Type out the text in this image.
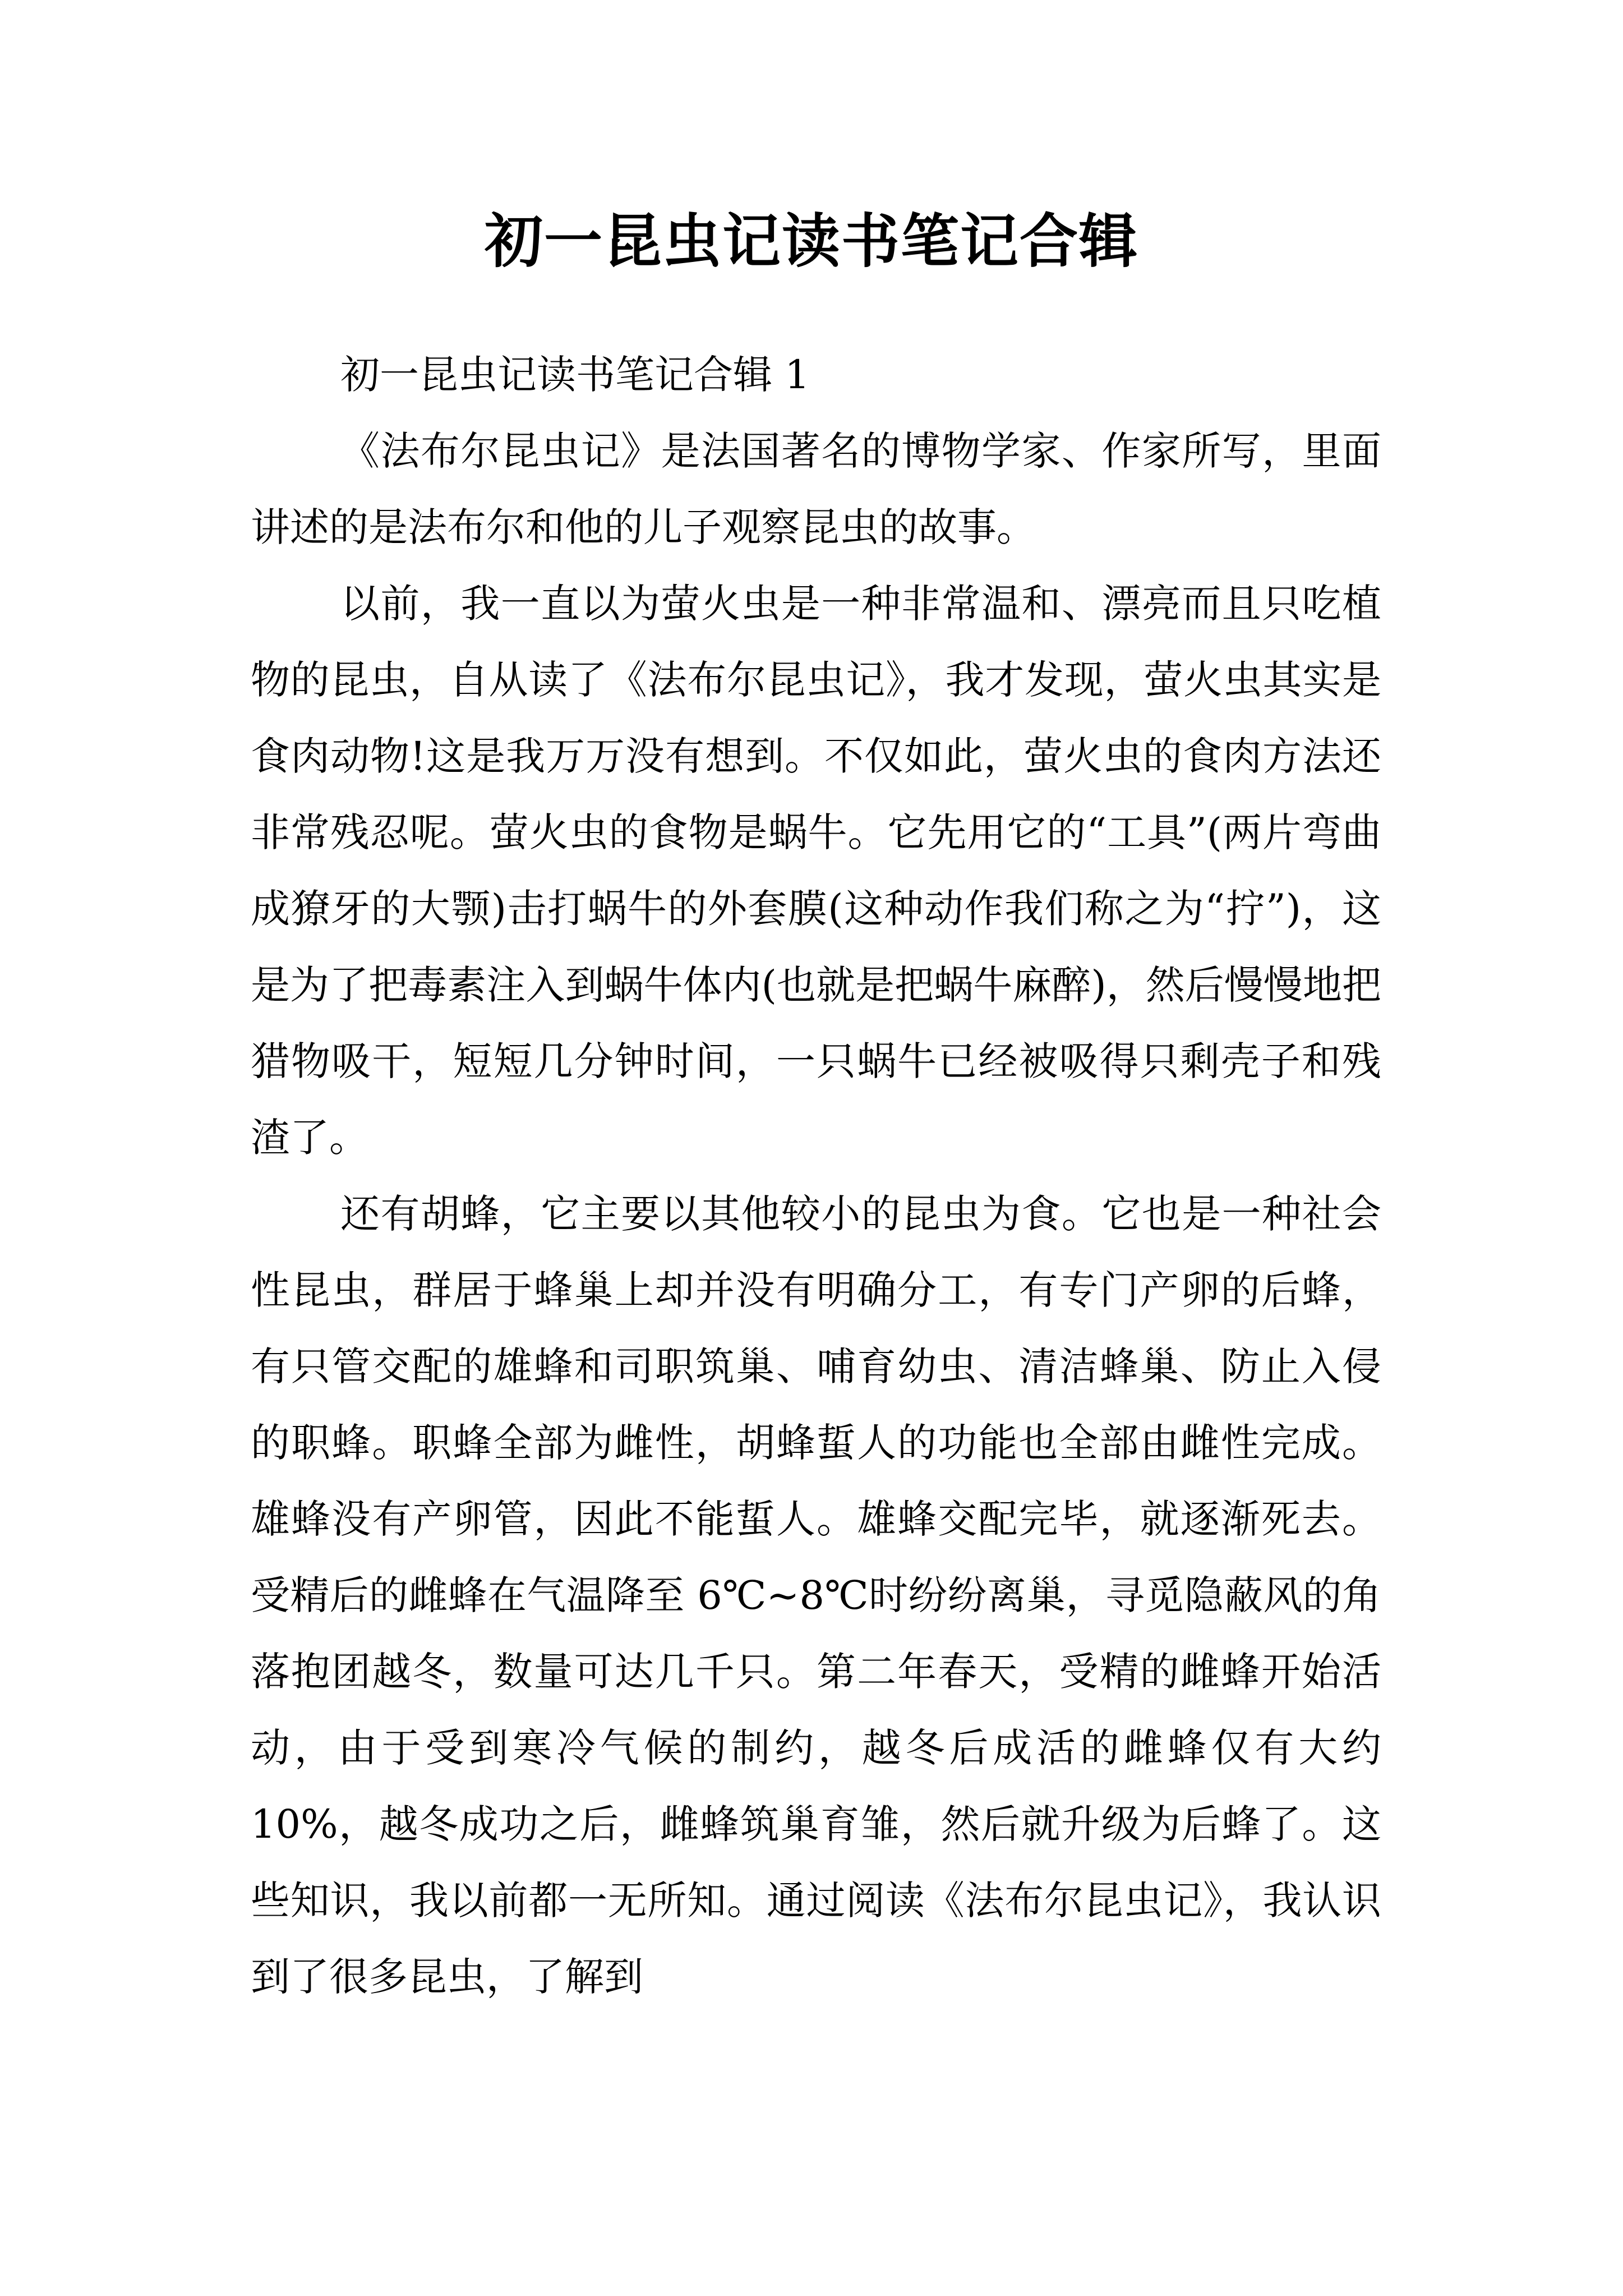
初一昆虫记读书笔记合辑

初一昆虫记读书笔记合辑 1

《法布尔昆虫记》是法国著名的博物学家、作家所写，里面讲述的是法布尔和他的儿子观察昆虫的故事。

以前，我一直以为萤火虫是一种非常温和、漂亮而且只吃植物的昆虫，自从读了《法布尔昆虫记》，我才发现，萤火虫其实是食肉动物!这是我万万没有想到。不仅如此，萤火虫的食肉方法还非常残忍呢。萤火虫的食物是蜗牛。它先用它的“工具”(两片弯曲成獠牙的大颚)击打蜗牛的外套膜(这种动作我们称之为“拧”)，这是为了把毒素注入到蜗牛体内(也就是把蜗牛麻醉)，然后慢慢地把猎物吸干，短短几分钟时间，一只蜗牛已经被吸得只剩壳子和残渣了。

还有胡蜂，它主要以其他较小的昆虫为食。它也是一种社会性昆虫，群居于蜂巢上却并没有明确分工，有专门产卵的后蜂，有只管交配的雄蜂和司职筑巢、哺育幼虫、清洁蜂巢、防止入侵的职蜂。职蜂全部为雌性，胡蜂蜇人的功能也全部由雌性完成。雄蜂没有产卵管，因此不能蜇人。雄蜂交配完毕，就逐渐死去。受精后的雌蜂在气温降至 6℃~8℃时纷纷离巢，寻觅隐蔽风的角落抱团越冬，数量可达几千只。第二年春天，受精的雌蜂开始活动，由于受到寒冷气候的制约，越冬后成活的雌蜂仅有大约 10%，越冬成功之后，雌蜂筑巢育雏，然后就升级为后蜂了。这些知识，我以前都一无所知。通过阅读《法布尔昆虫记》，我认识到了很多昆虫，了解到
